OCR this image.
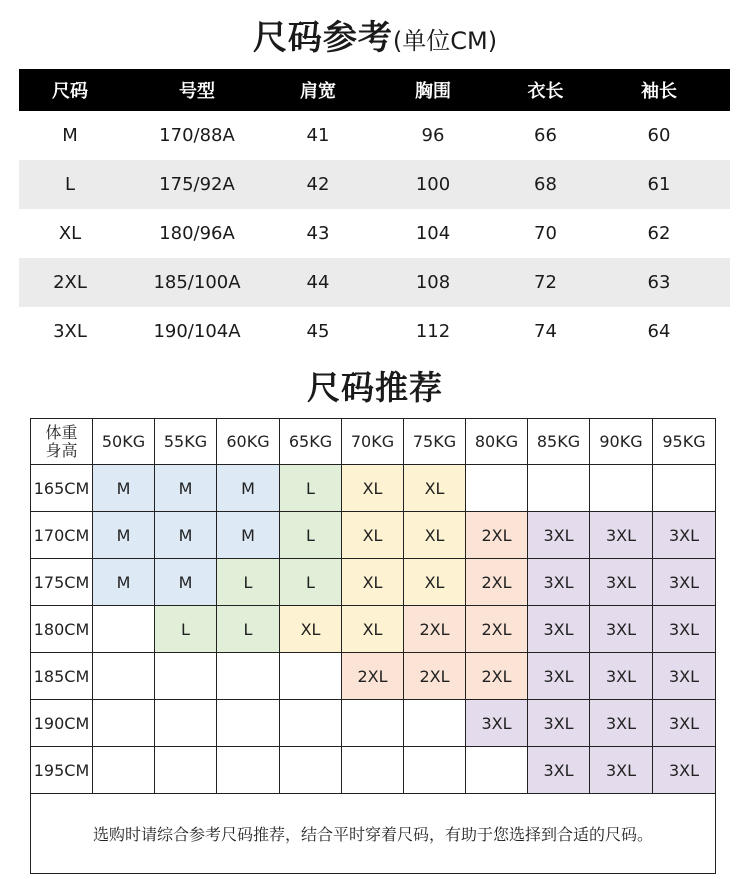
尺码参考(单位CM)
尺码	号型	肩宽	胸围	衣长	袖长
M	170/88A	41	96	66	60
L	175/92A	42	100	68	61
XL	180/96A	43	104	70	62
2XL	185/100A	44	108	72	63
3XL	190/104A	45	112	74	64
尺码推荐
体重
身高	50KG	55KG	60KG	65KG	70KG	75KG	80KG	85KG	90KG	95KG
165CM	M	M	M	L	XL	XL				
170CM	M	M	M	L	XL	XL	2XL	3XL	3XL	3XL
175CM	M	M	L	L	XL	XL	2XL	3XL	3XL	3XL
180CM		L	L	XL	XL	2XL	2XL	3XL	3XL	3XL
185CM					2XL	2XL	2XL	3XL	3XL	3XL
190CM							3XL	3XL	3XL	3XL
195CM								3XL	3XL	3XL
选购时请综合参考尺码推荐，结合平时穿着尺码，有助于您选择到合适的尺码。										
